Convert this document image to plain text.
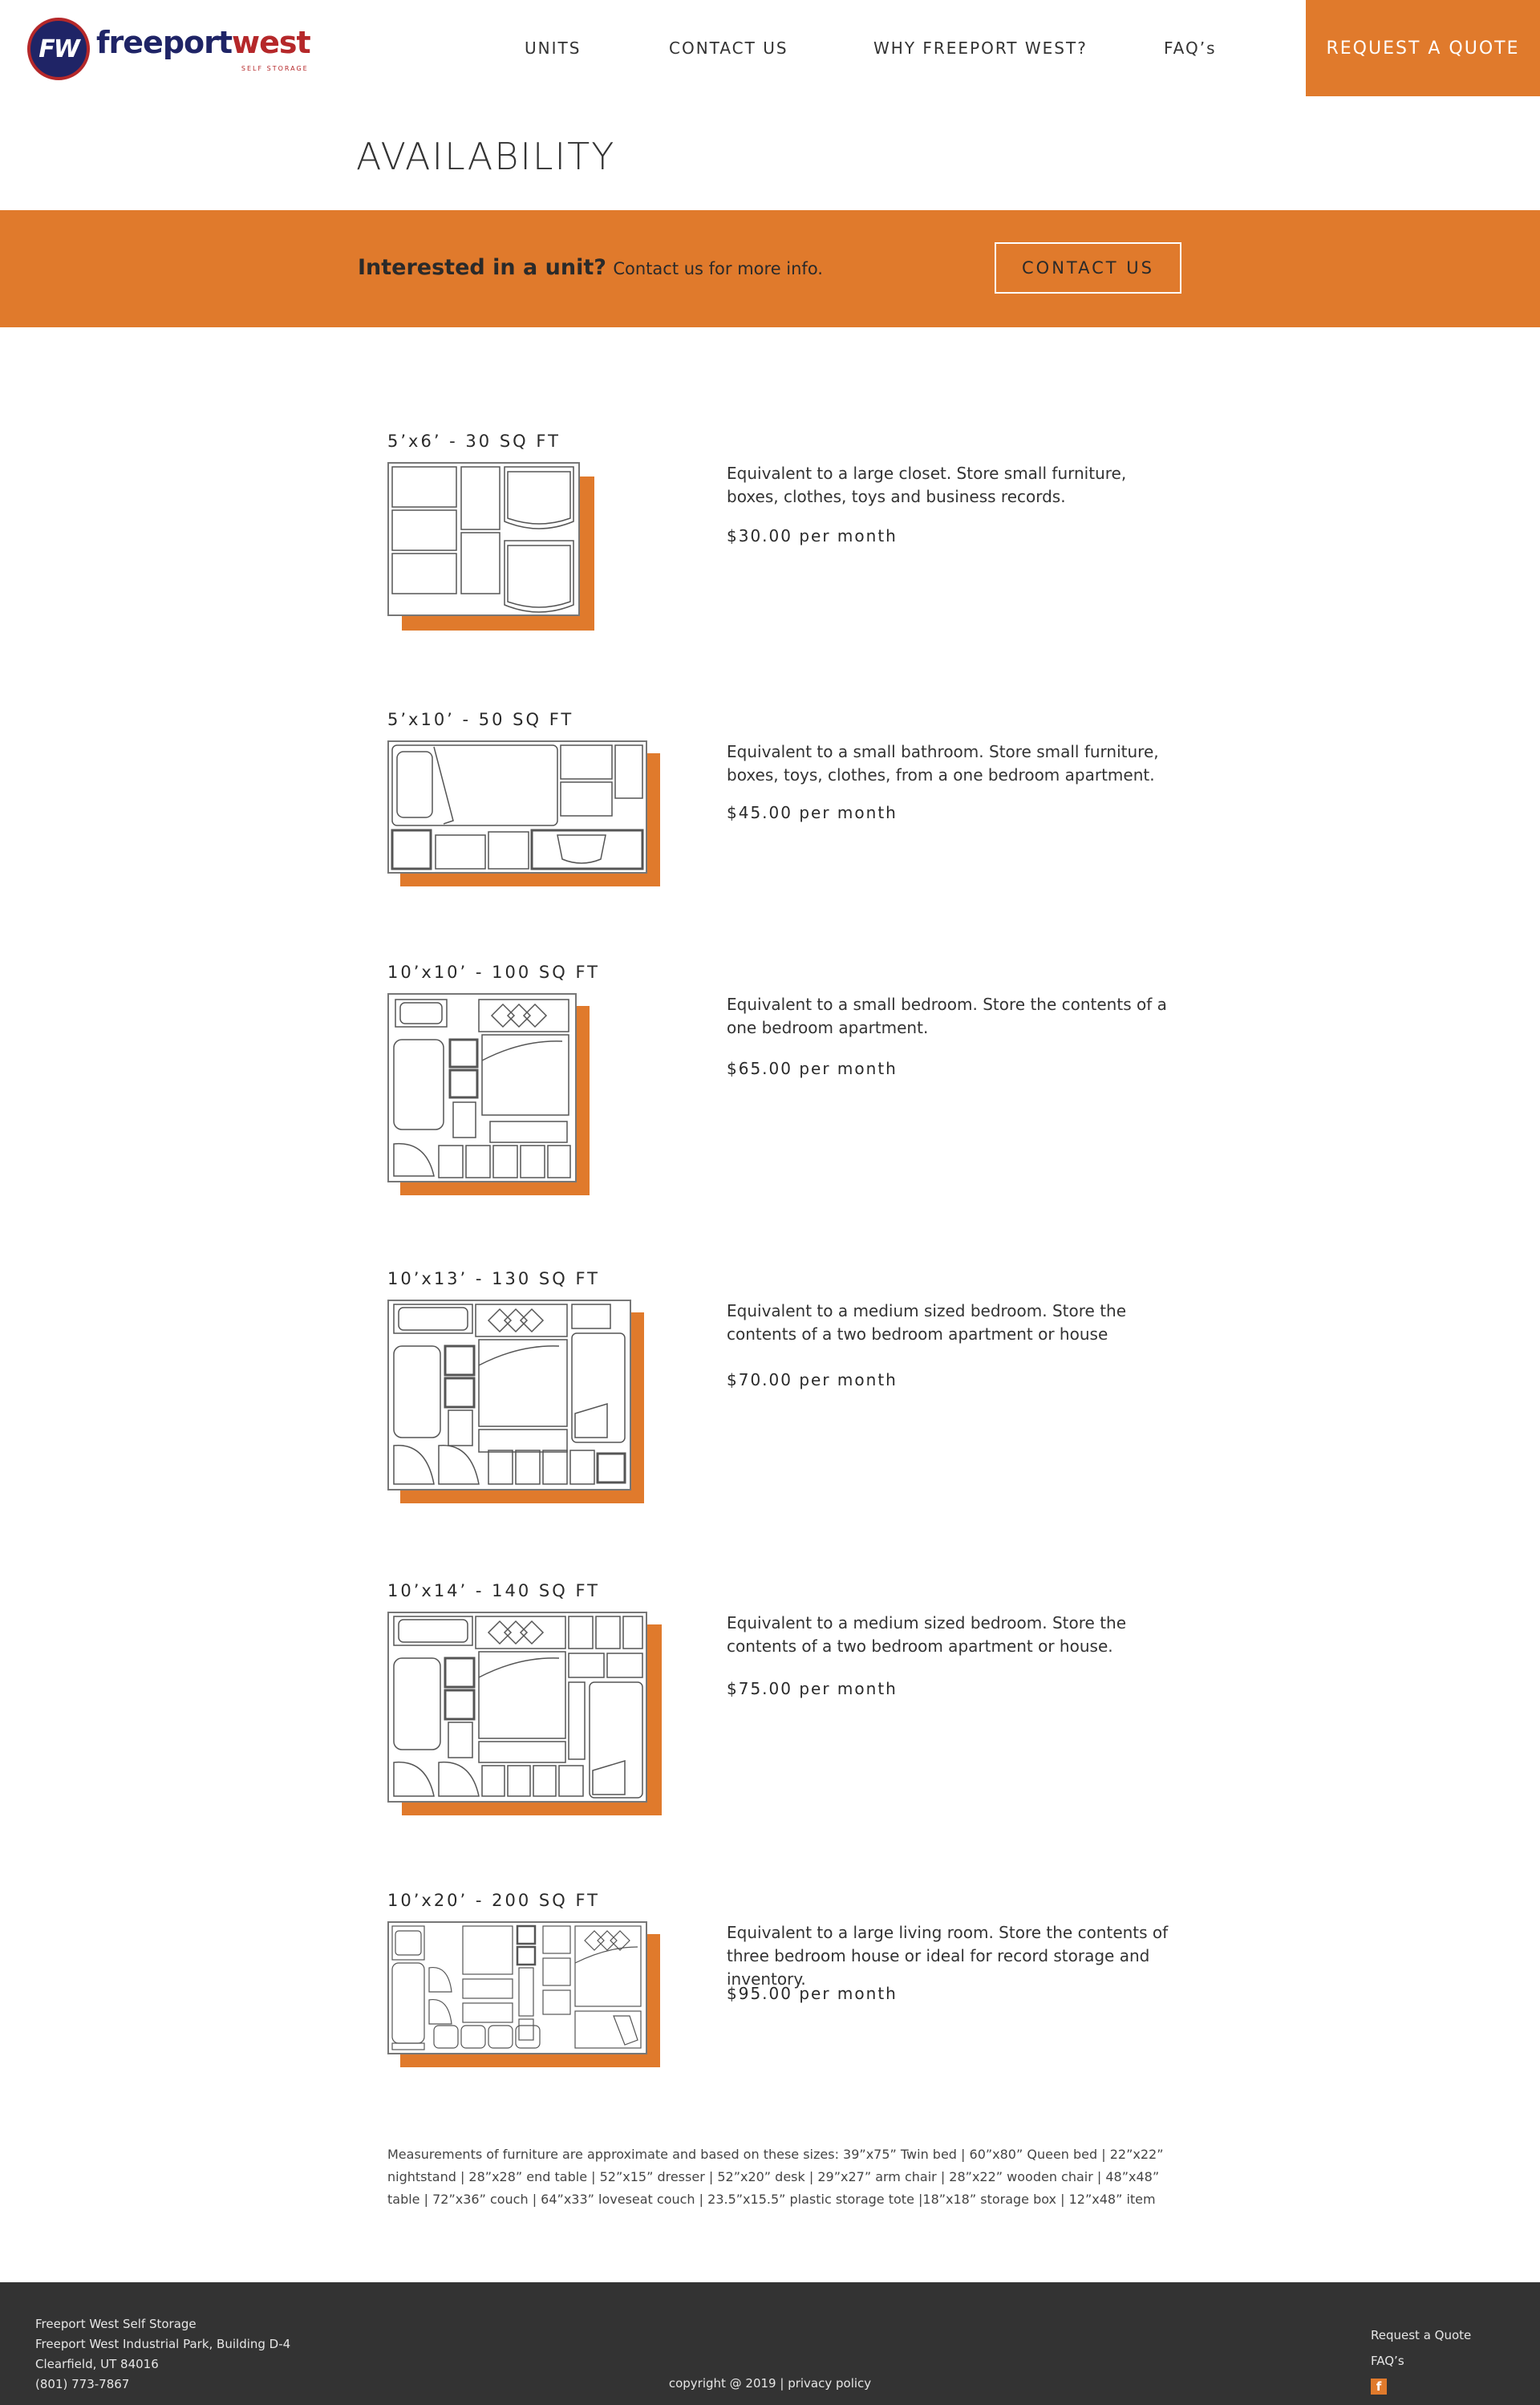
FW freeportwest
SELF STORAGE
UNITS	CONTACT US	WHY FREEPORT WEST?	FAQ’s	REQUEST A QUOTE
AVAILABILITY
Interested in a unit? Contact us for more info.	CONTACT US
5’x6’ - 30 SQ FT
Equivalent to a large closet. Store small furniture, boxes, clothes, toys and business records.
$30.00 per month
5’x10’ - 50 SQ FT
Equivalent to a small bathroom. Store small furniture, boxes, toys, clothes, from a one bedroom apartment.
$45.00 per month
10’x10’ - 100 SQ FT
Equivalent to a small bedroom. Store the contents of a one bedroom apartment.
$65.00 per month
10’x13’ - 130 SQ FT
Equivalent to a medium sized bedroom. Store the contents of a two bedroom apartment or house
$70.00 per month
10’x14’ - 140 SQ FT
Equivalent to a medium sized bedroom. Store the contents of a two bedroom apartment or house.
$75.00 per month
10’x20’ - 200 SQ FT
Equivalent to a large living room. Store the contents of three bedroom house or ideal for record storage and inventory.
$95.00 per month

Measurements of furniture are approximate and based on these sizes: 39”x75” Twin bed | 60”x80” Queen bed | 22”x22” nightstand | 28”x28” end table | 52”x15” dresser | 52”x20” desk | 29”x27” arm chair | 28”x22” wooden chair | 48”x48” table | 72”x36” couch | 64”x33” loveseat couch | 23.5”x15.5” plastic storage tote |18”x18” storage box | 12”x48” item

Freeport West Self Storage
Freeport West Industrial Park, Building D-4
Clearfield, UT 84016
(801) 773-7867	copyright @ 2019 | privacy policy
Request a Quote
FAQ’s
f
